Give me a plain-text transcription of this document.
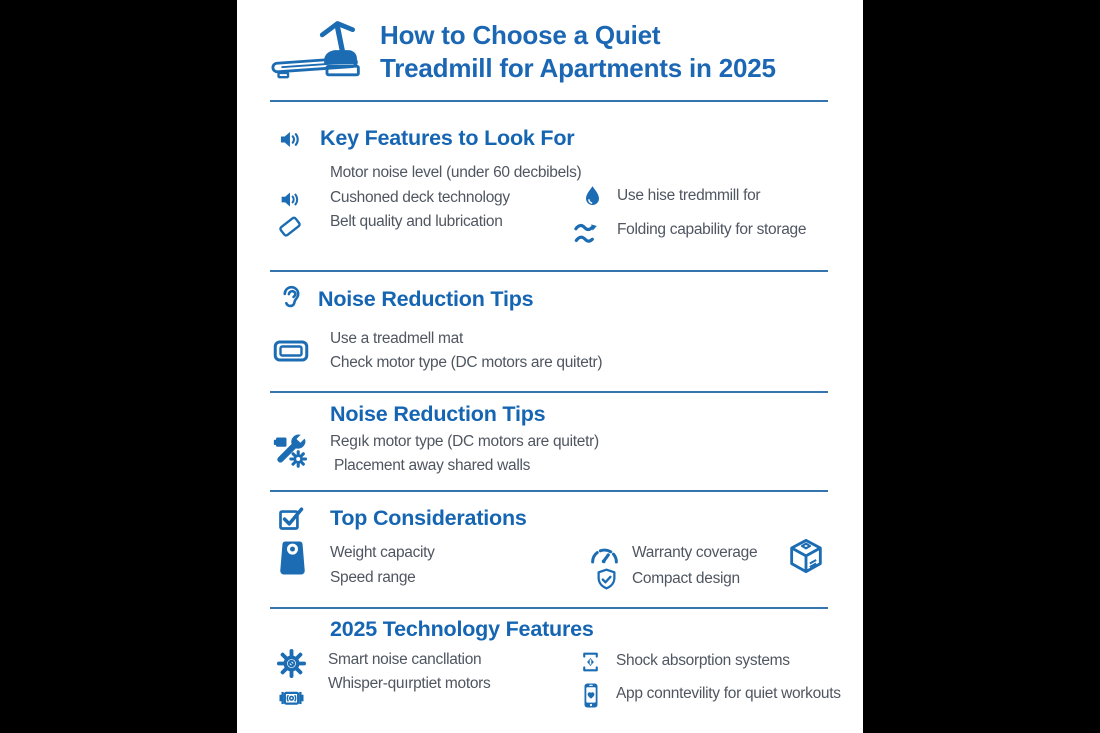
How to Choose a Quiet
Treadmill for Apartments in 2025
Key Features to Look For
Motor noise level (under 60 decbibels)
Cushoned deck technology
Belt quality and lubrication
Use hise tredmmill for
Folding capability for storage
Noise Reduction Tips
Use a treadmell mat
Check motor type (DC motors are quitetr)
Noise Reduction Tips
Regık motor type (DC motors are quitetr)
Placement away shared walls
Top Considerations
Weight capacity
Speed range
Warranty coverage
Compact design
2025 Technology Features
Smart noise cancllation
Whisper-quırptiet motors
Shock absorption systems
App conntevility for quiet workouts
